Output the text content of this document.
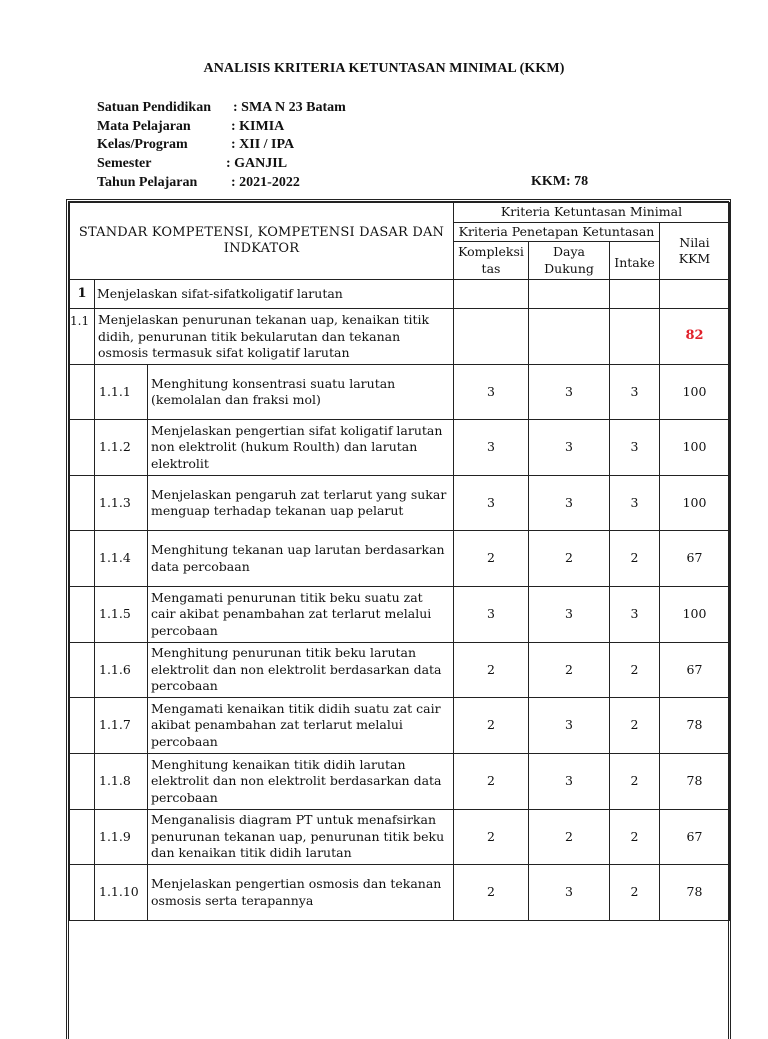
ANALISIS KRITERIA KETUNTASAN MINIMAL (KKM)
Satuan Pendidikan : SMA N 23 Batam
Mata Pelajaran	: KIMIA
Kelas/Program	: XII / IPA
Semester	: GANJIL
Tahun Pelajaran : 2021-2022	KKM: 78
STANDAR KOMPETENSI, KOMPETENSI DASAR DAN INDKATOR			Kriteria Ketuntasan Minimal			
			Kriteria Penetapan Ketuntasan			Nilai KKM

			Kompleksi tas	Daya Dukung	Intake	
1	Menjelaskan sifat-sifatkoligatif larutan					
1.1	Menjelaskan penurunan tekanan uap, kenaikan titik didih, penurunan titik bekularutan dan tekanan osmosis termasuk sifat koligatif larutan					82
	1.1.1	Menghitung konsentrasi suatu larutan (kemolalan dan fraksi mol)	3	3	3	100
	1.1.2	Menjelaskan pengertian sifat koligatif larutan non elektrolit (hukum Roulth) dan larutan elektrolit	3	3	3	100
	1.1.3	Menjelaskan pengaruh zat terlarut yang sukar menguap terhadap tekanan uap pelarut	3	3	3	100
	1.1.4	Menghitung tekanan uap larutan berdasarkan data percobaan	2	2	2	67
	1.1.5	Mengamati penurunan titik beku suatu zat cair akibat penambahan zat terlarut melalui percobaan	3	3	3	100
	1.1.6	Menghitung penurunan titik beku larutan elektrolit dan non elektrolit berdasarkan data percobaan	2	2	2	67
	1.1.7	Mengamati kenaikan titik didih suatu zat cair akibat penambahan zat terlarut melalui percobaan	2	3	2	78
	1.1.8	Menghitung kenaikan titik didih larutan elektrolit dan non elektrolit berdasarkan data percobaan	2	3	2	78
	1.1.9	Menganalisis diagram PT untuk menafsirkan penurunan tekanan uap, penurunan titik beku dan kenaikan titik didih larutan	2	2	2	67
	1.1.10	Menjelaskan pengertian osmosis dan tekanan osmosis serta terapannya	2	3	2	78
